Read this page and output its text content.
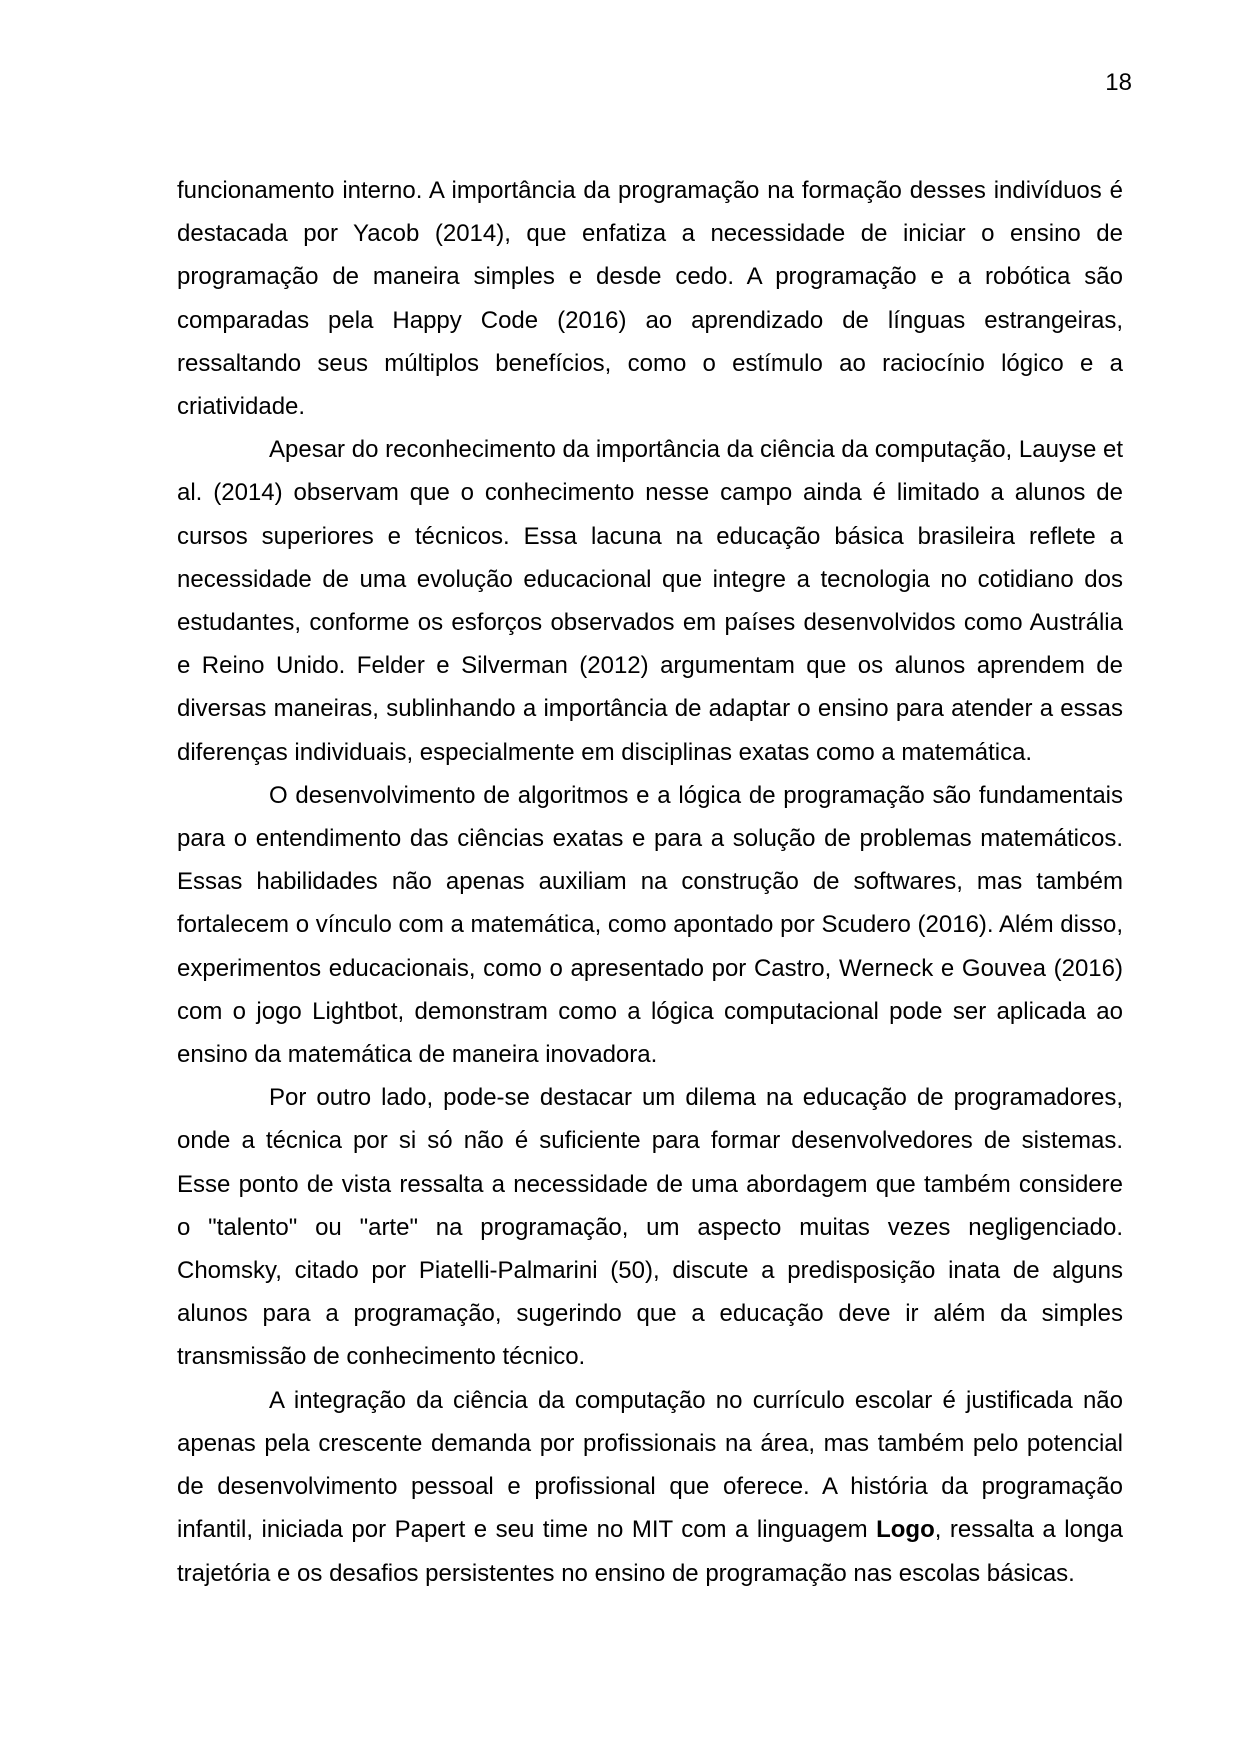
18

funcionamento interno. A importância da programação na formação desses indivíduos é destacada por Yacob (2014), que enfatiza a necessidade de iniciar o ensino de programação de maneira simples e desde cedo. A programação e a robótica são comparadas pela Happy Code (2016) ao aprendizado de línguas estrangeiras, ressaltando seus múltiplos benefícios, como o estímulo ao raciocínio lógico e a criatividade.

Apesar do reconhecimento da importância da ciência da computação, Lauyse et al. (2014) observam que o conhecimento nesse campo ainda é limitado a alunos de cursos superiores e técnicos. Essa lacuna na educação básica brasileira reflete a necessidade de uma evolução educacional que integre a tecnologia no cotidiano dos estudantes, conforme os esforços observados em países desenvolvidos como Austrália e Reino Unido. Felder e Silverman (2012) argumentam que os alunos aprendem de diversas maneiras, sublinhando a importância de adaptar o ensino para atender a essas diferenças individuais, especialmente em disciplinas exatas como a matemática.

O desenvolvimento de algoritmos e a lógica de programação são fundamentais para o entendimento das ciências exatas e para a solução de problemas matemáticos. Essas habilidades não apenas auxiliam na construção de softwares, mas também fortalecem o vínculo com a matemática, como apontado por Scudero (2016). Além disso, experimentos educacionais, como o apresentado por Castro, Werneck e Gouvea (2016) com o jogo Lightbot, demonstram como a lógica computacional pode ser aplicada ao ensino da matemática de maneira inovadora.

Por outro lado, pode-se destacar um dilema na educação de programadores, onde a técnica por si só não é suficiente para formar desenvolvedores de sistemas. Esse ponto de vista ressalta a necessidade de uma abordagem que também considere o "talento" ou "arte" na programação, um aspecto muitas vezes negligenciado. Chomsky, citado por Piatelli-Palmarini (50), discute a predisposição inata de alguns alunos para a programação, sugerindo que a educação deve ir além da simples transmissão de conhecimento técnico.

A integração da ciência da computação no currículo escolar é justificada não apenas pela crescente demanda por profissionais na área, mas também pelo potencial de desenvolvimento pessoal e profissional que oferece. A história da programação infantil, iniciada por Papert e seu time no MIT com a linguagem Logo, ressalta a longa trajetória e os desafios persistentes no ensino de programação nas escolas básicas.
